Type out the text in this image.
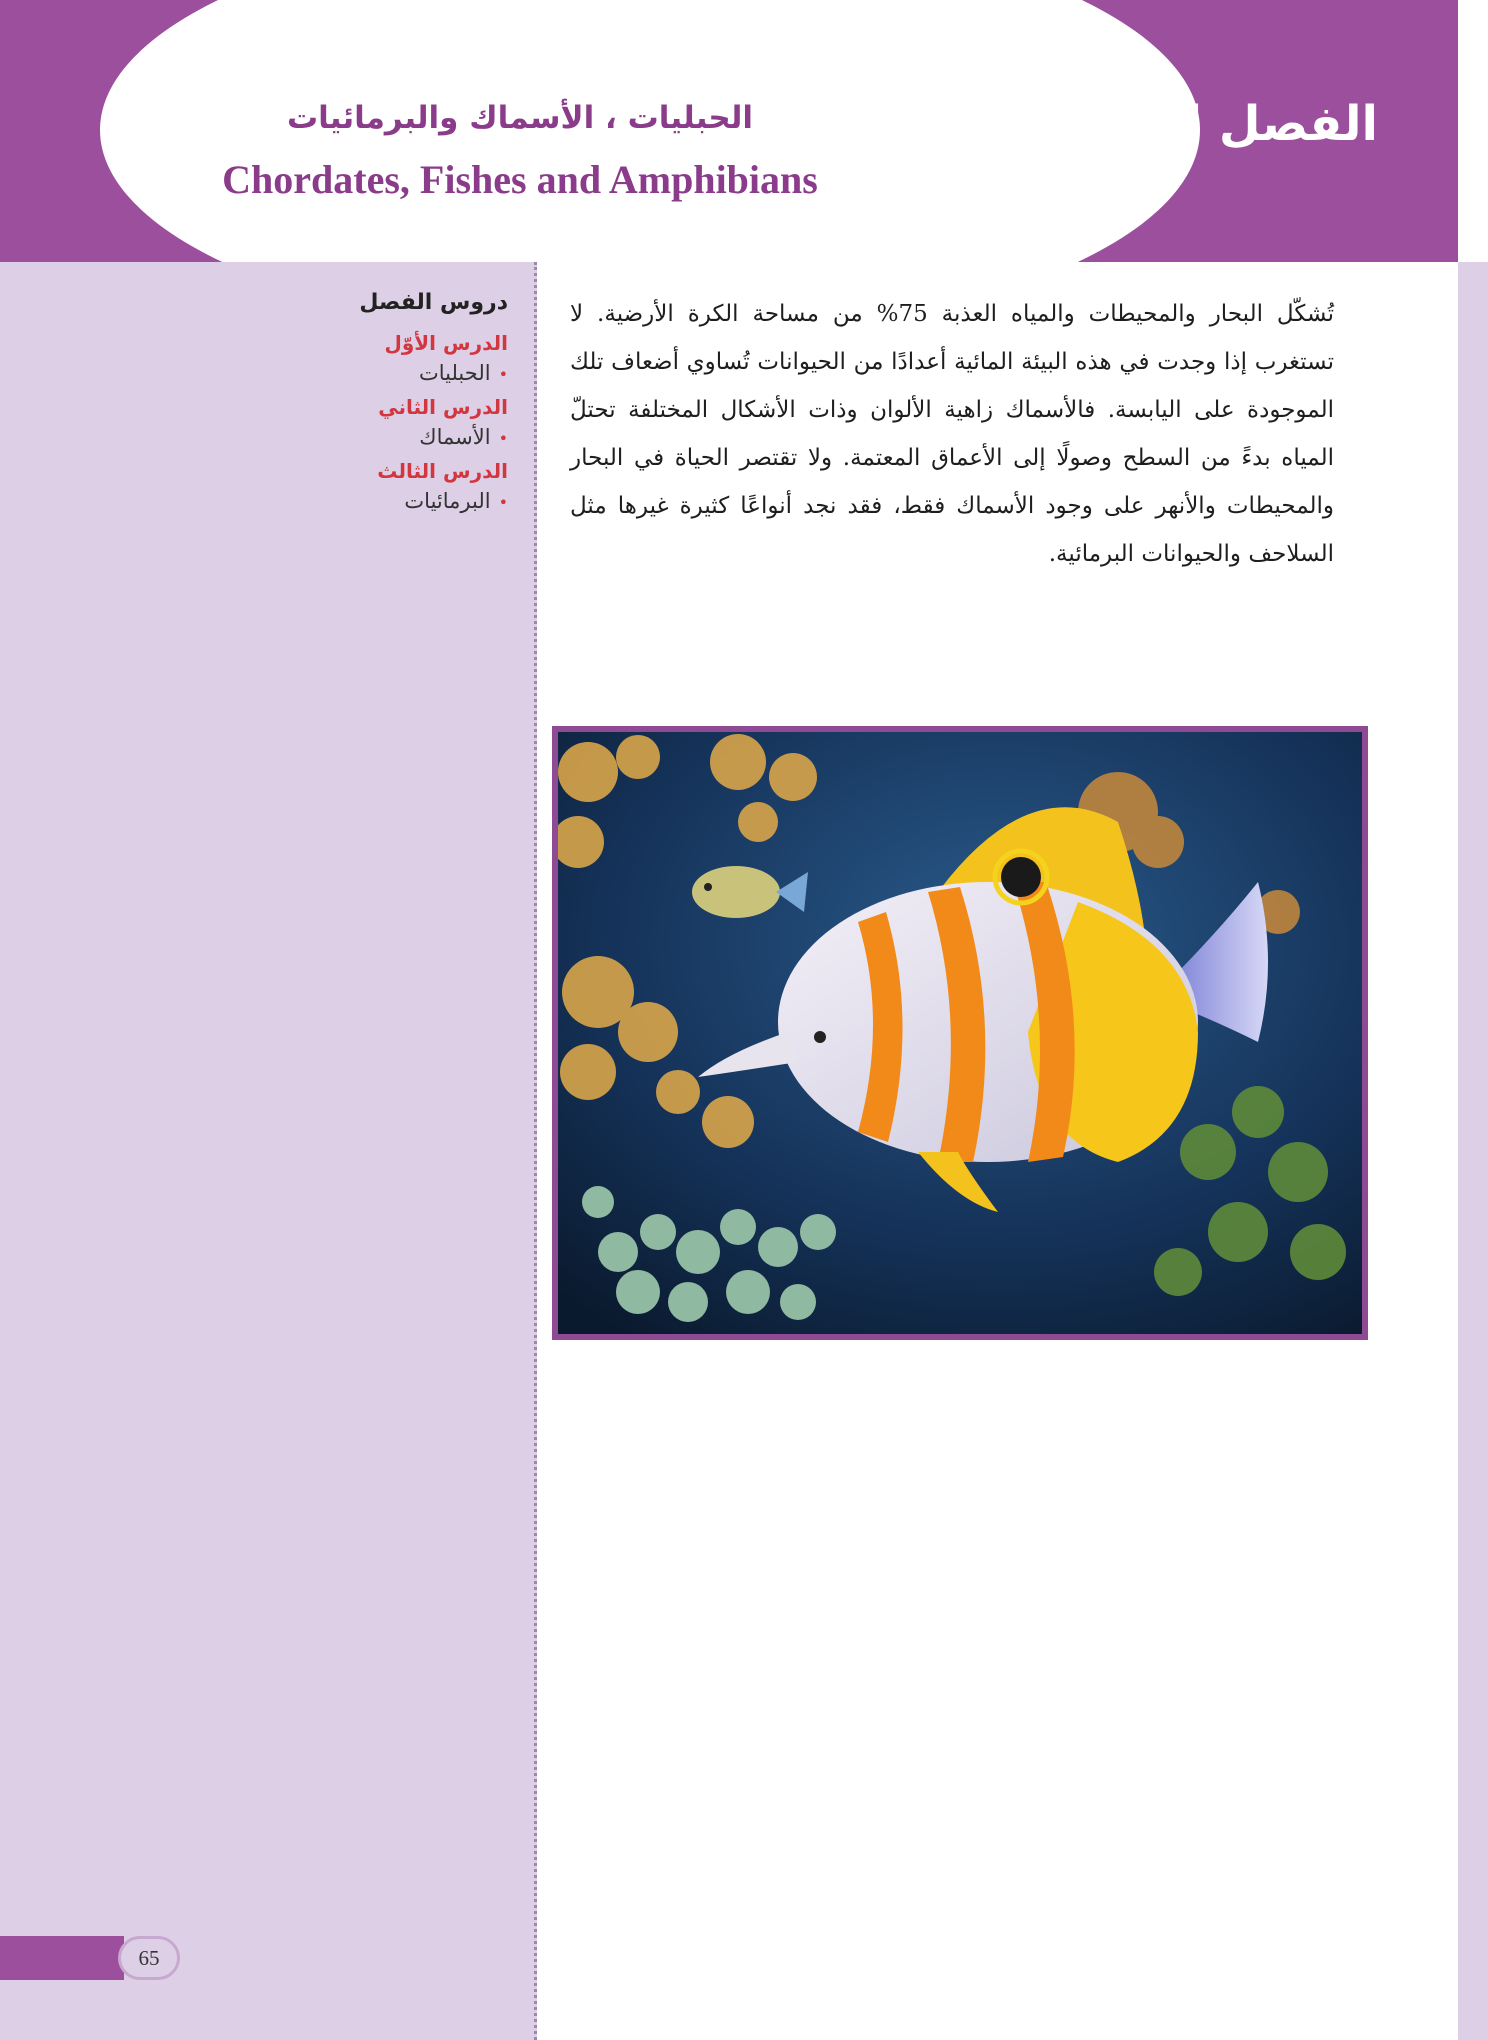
الفصل الأوّل
الحبليات ، الأسماك والبرمائيات
Chordates, Fishes and Amphibians
دروس الفصل
الدرس الأوّل
•الحبليات
الدرس الثاني
•الأسماك
الدرس الثالث
•البرمائيات
65
تُشكّل البحار والمحيطات والمياه العذبة 75% من مساحة الكرة الأرضية. لا تستغرب إذا وجدت في هذه البيئة المائية أعدادًا من الحيوانات تُساوي أضعاف تلك الموجودة على اليابسة. فالأسماك زاهية الألوان وذات الأشكال المختلفة تحتلّ المياه بدءً من السطح وصولًا إلى الأعماق المعتمة. ولا تقتصر الحياة في البحار والمحيطات والأنهر على وجود الأسماك فقط، فقد نجد أنواعًا كثيرة غيرها مثل السلاحف والحيوانات البرمائية.
